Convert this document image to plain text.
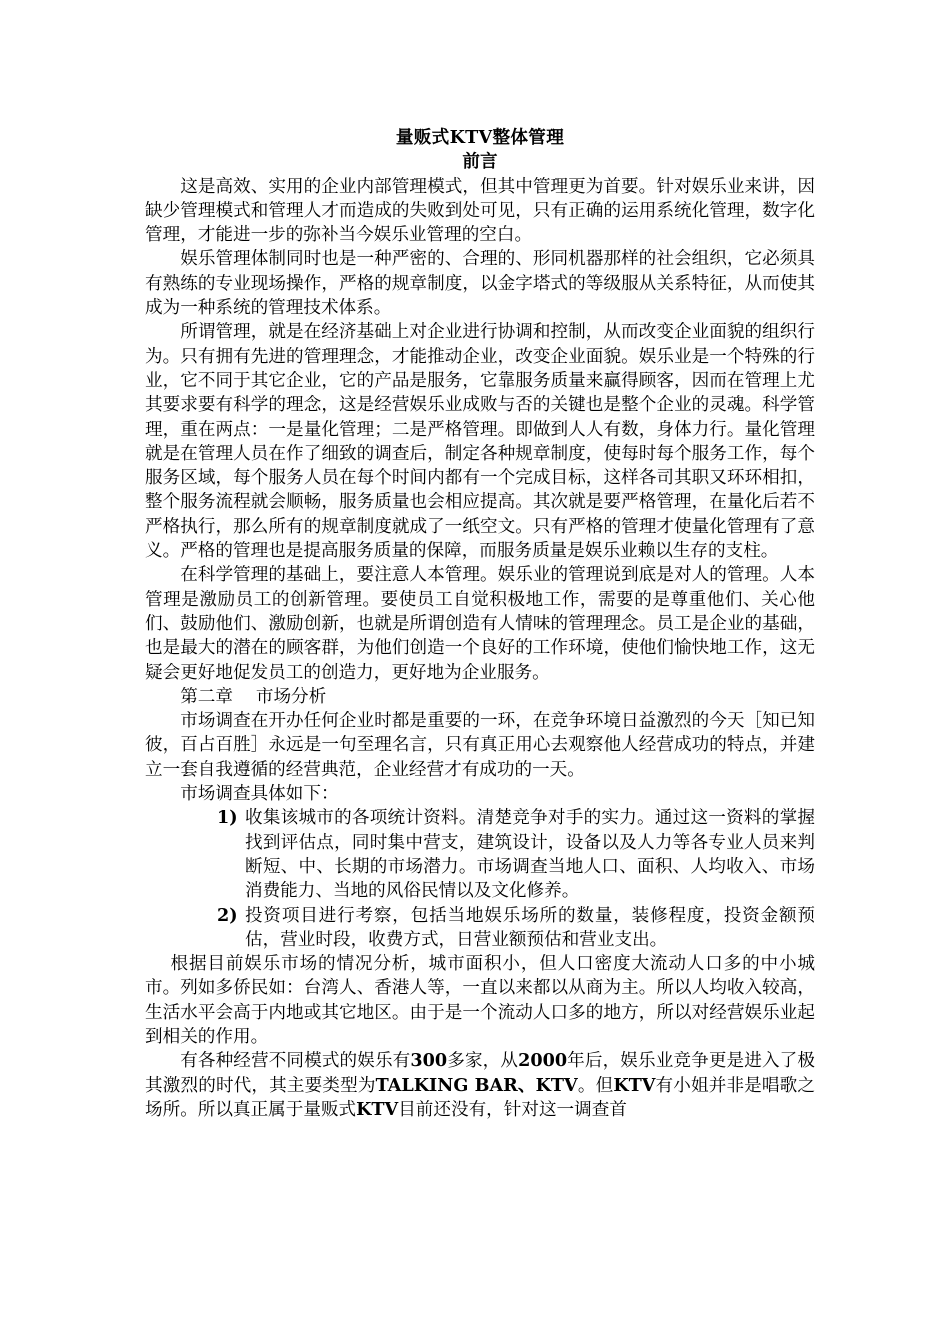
量贩式KTV整体管理
前言

这是高效、实用的企业内部管理模式，但其中管理更为首要。针对娱乐业来讲，因缺少管理模式和管理人才而造成的失败到处可见，只有正确的运用系统化管理，数字化管理，才能进一步的弥补当今娱乐业管理的空白。

娱乐管理体制同时也是一种严密的、合理的、形同机器那样的社会组织，它必须具有熟练的专业现场操作，严格的规章制度，以金字塔式的等级服从关系特征，从而使其成为一种系统的管理技术体系。

所谓管理，就是在经济基础上对企业进行协调和控制，从而改变企业面貌的组织行为。只有拥有先进的管理理念，才能推动企业，改变企业面貌。娱乐业是一个特殊的行业，它不同于其它企业，它的产品是服务，它靠服务质量来赢得顾客，因而在管理上尤其要求要有科学的理念，这是经营娱乐业成败与否的关键也是整个企业的灵魂。科学管理，重在两点：一是量化管理；二是严格管理。即做到人人有数，身体力行。量化管理就是在管理人员在作了细致的调查后，制定各种规章制度，使每时每个服务工作，每个服务区域，每个服务人员在每个时间内都有一个完成目标，这样各司其职又环环相扣，整个服务流程就会顺畅，服务质量也会相应提高。其次就是要严格管理，在量化后若不严格执行，那么所有的规章制度就成了一纸空文。只有严格的管理才使量化管理有了意义。严格的管理也是提高服务质量的保障，而服务质量是娱乐业赖以生存的支柱。

在科学管理的基础上，要注意人本管理。娱乐业的管理说到底是对人的管理。人本管理是激励员工的创新管理。要使员工自觉积极地工作，需要的是尊重他们、关心他们、鼓励他们、激励创新，也就是所谓创造有人情味的管理理念。员工是企业的基础，也是最大的潜在的顾客群，为他们创造一个良好的工作环境，使他们愉快地工作，这无疑会更好地促发员工的创造力，更好地为企业服务。

第二章 市场分析

市场调查在开办任何企业时都是重要的一环，在竞争环境日益激烈的今天［知已知彼，百占百胜］永远是一句至理名言，只有真正用心去观察他人经营成功的特点，并建立一套自我遵循的经营典范，企业经营才有成功的一天。

市场调查具体如下：

1) 收集该城市的各项统计资料。清楚竞争对手的实力。通过这一资料的掌握找到评估点，同时集中营支，建筑设计，设备以及人力等各专业人员来判断短、中、长期的市场潜力。市场调查当地人口、面积、人均收入、市场消费能力、当地的风俗民情以及文化修养。
2) 投资项目进行考察，包括当地娱乐场所的数量，装修程度，投资金额预估，营业时段，收费方式，日营业额预估和营业支出。

根据目前娱乐市场的情况分析，城市面积小，但人口密度大流动人口多的中小城市。列如多侨民如：台湾人、香港人等，一直以来都以从商为主。所以人均收入较高，生活水平会高于内地或其它地区。由于是一个流动人口多的地方，所以对经营娱乐业起到相关的作用。

有各种经营不同模式的娱乐有300多家，从2000年后，娱乐业竞争更是进入了极其激烈的时代，其主要类型为TALKING BAR、KTV。但KTV有小姐并非是唱歌之场所。所以真正属于量贩式KTV目前还没有，针对这一调查首
